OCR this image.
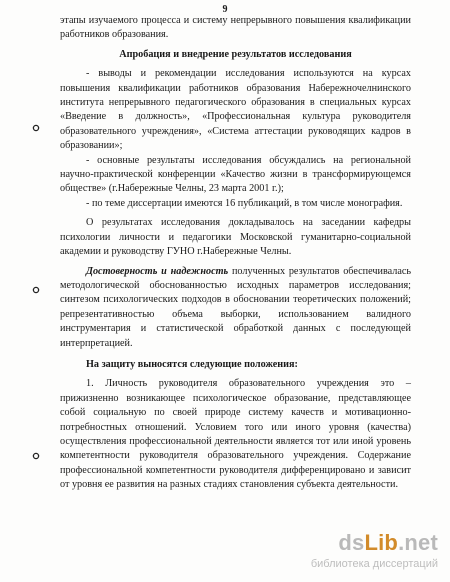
9

этапы изучаемого процесса и систему непрерывного повышения квалификации работников образования.

Апробация и внедрение результатов исследования

- выводы и рекомендации исследования используются на курсах повышения квалификации работников образования Набережночелнинского института непрерывного педагогического образования в специальных курсах «Введение в должность», «Профессиональная культура руководителя образовательного учреждения», «Система аттестации руководящих кадров в образовании»;

- основные результаты исследования обсуждались на региональной научно-практической конференции «Качество жизни в трансформирующемся обществе» (г.Набережные Челны, 23 марта 2001 г.);

- по теме диссертации имеются 16 публикаций, в том числе монография.

О результатах исследования докладывалось на заседании кафедры психологии личности и педагогики Московской гуманитарно-социальной академии и руководству ГУНО г.Набережные Челны.

Достоверность и надежность полученных результатов обеспечивалась методологической обоснованностью исходных параметров исследования; синтезом психологических подходов в обосновании теоретических положений; репрезентативностью объема выборки, использованием валидного инструментария и статистической обработкой данных с последующей интерпретацией.

На защиту выносятся следующие положения:

1. Личность руководителя образовательного учреждения это – прижизненно возникающее психологическое образование, представляющее собой социальную по своей природе систему качеств и мотивационно-потребностных отношений. Условием того или иного уровня (качества) осуществления профессиональной деятельности является тот или иной уровень компетентности руководителя образовательного учреждения. Содержание профессиональной компетентности руководителя дифференцировано и зависит от уровня ее развития на разных стадиях становления субъекта деятельности.

dsLib.net
библиотека диссертаций
